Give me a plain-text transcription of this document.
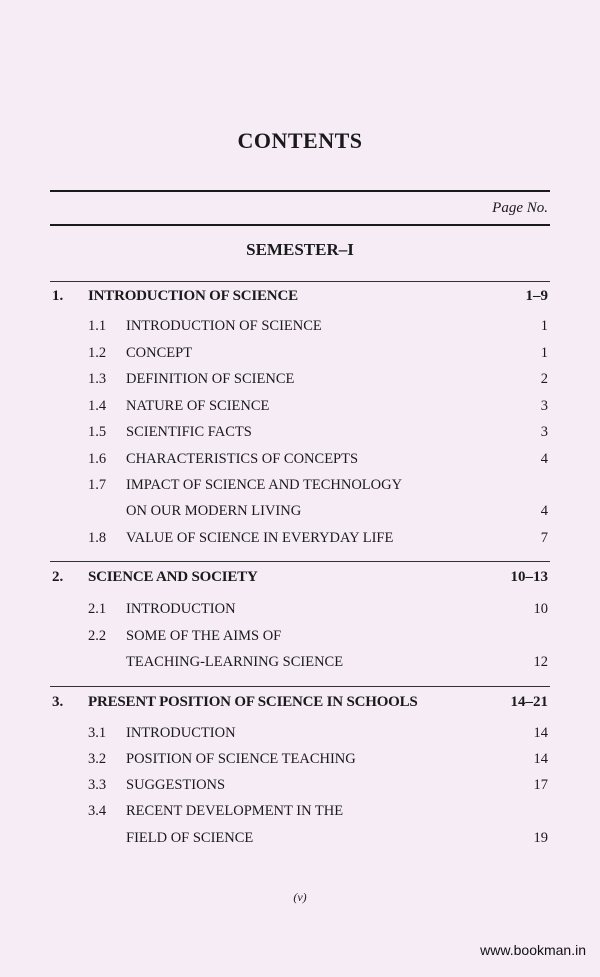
CONTENTS
Page No.
SEMESTER–I
1. INTRODUCTION OF SCIENCE	1–9
1.1 INTRODUCTION OF SCIENCE	1
1.2 CONCEPT	1
1.3 DEFINITION OF SCIENCE	2
1.4 NATURE OF SCIENCE	3
1.5 SCIENTIFIC FACTS	3
1.6 CHARACTERISTICS OF CONCEPTS	4
1.7 IMPACT OF SCIENCE AND TECHNOLOGY
ON OUR MODERN LIVING	4
1.8 VALUE OF SCIENCE IN EVERYDAY LIFE	7
2. SCIENCE AND SOCIETY	10–13
2.1 INTRODUCTION	10
2.2 SOME OF THE AIMS OF
TEACHING-LEARNING SCIENCE	12
3. PRESENT POSITION OF SCIENCE IN SCHOOLS	14–21
3.1 INTRODUCTION	14
3.2 POSITION OF SCIENCE TEACHING	14
3.3 SUGGESTIONS	17
3.4 RECENT DEVELOPMENT IN THE
FIELD OF SCIENCE	19
(v)
www.bookman.in
